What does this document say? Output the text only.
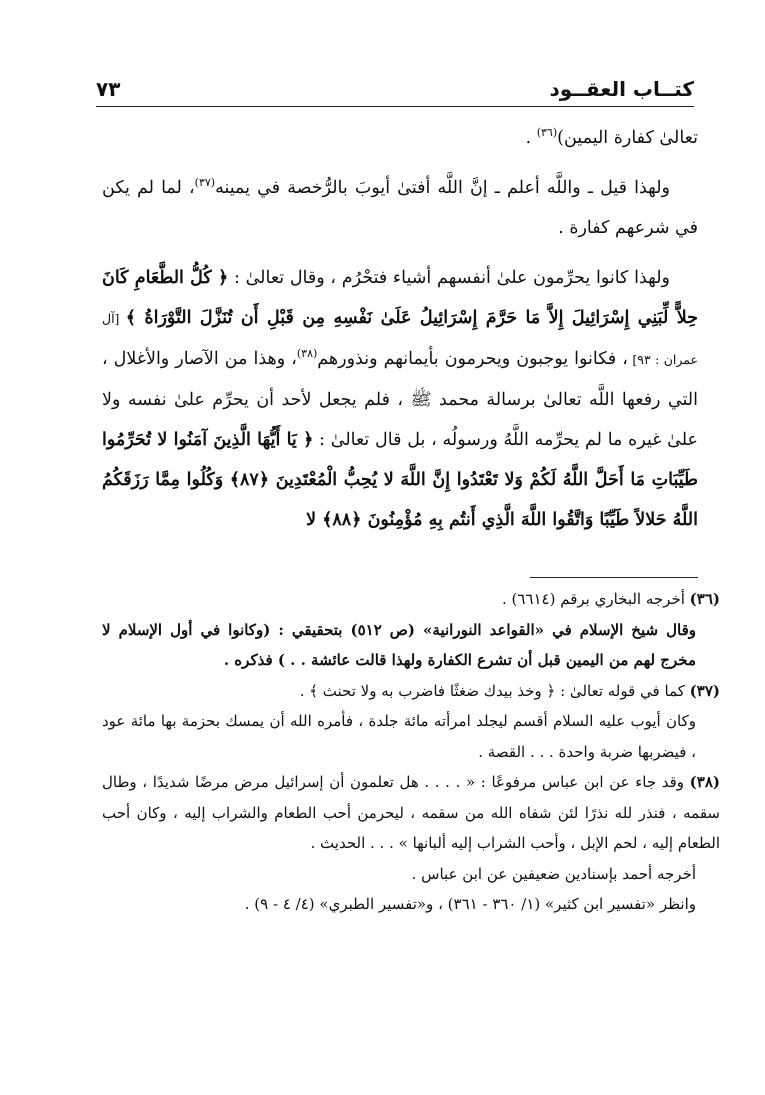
كتــاب العقــود
٧٣

تعالىٰ كفارة اليمين)$^{(٣٦)}$ .

ولهذا قيل ـ واللَّه أعلم ـ إنَّ اللَّه أفتىٰ أيوبَ بالرُّخصة في يمينه$^{(٣٧)}$، لما لم يكن في شرعهم كفارة .

ولهذا كانوا يحرِّمون علىٰ أنفسهم أشياء فتحْرُم ، وقال تعالىٰ : ﴿ كُلُّ الطَّعَامِ كَانَ حِلاًّ لِّبَنِي إِسْرَائِيلَ إِلاَّ مَا حَرَّمَ إِسْرَائِيلُ عَلَىٰ نَفْسِهِ مِن قَبْلِ أَن تُنَزَّلَ التَّوْرَاةُ ﴾ [آل عمران : ٩٣] ، فكانوا يوجبون ويحرمون بأيمانهم ونذورهم$^{(٣٨)}$، وهذا من الآصار والأغلال ، التي رفعها اللَّه تعالىٰ برسالة محمد ﷺ ، فلم يجعل لأحد أن يحرِّم علىٰ نفسه ولا علىٰ غيره ما لم يحرِّمه اللَّهُ ورسولُه ، بل قال تعالىٰ : ﴿ يَا أَيُّهَا الَّذِينَ آمَنُوا لا تُحَرِّمُوا طَيِّبَاتِ مَا أَحَلَّ اللَّهُ لَكُمْ وَلا تَعْتَدُوا إِنَّ اللَّهَ لا يُحِبُّ الْمُعْتَدِينَ ﴿٨٧﴾ وَكُلُوا مِمَّا رَزَقَكُمُ اللَّهُ حَلالاً طَيِّبًا وَاتَّقُوا اللَّهَ الَّذِي أَنتُم بِهِ مُؤْمِنُونَ ﴿٨٨﴾ لا

(٣٦) أخرجه البخاري برقم (٦٦١٤) .

وقال شيخ الإسلام في «القواعد النورانية» (ص ٥١٢) بتحقيقي : (وكانوا في أول الإسلام لا مخرج لهم من اليمين قبل أن تشرع الكفارة ولهذا قالت عائشة . . ) فذكره .

(٣٧) كما في قوله تعالىٰ : ﴿ وخذ بيدك ضغثًا فاضرب به ولا تحنث ﴾ .

وكان أيوب عليه السلام أقسم ليجلد امرأته مائة جلدة ، فأمره الله أن يمسك بحزمة بها مائة عود ، فيضربها ضربة واحدة . . . القصة .

(٣٨) وقد جاء عن ابن عباس مرفوعًا : « . . . . هل تعلمون أن إسرائيل مرض مرضًا شديدًا ، وطال سقمه ، فنذر لله نذرًا لئن شفاه الله من سقمه ، ليحرمن أحب الطعام والشراب إليه ، وكان أحب الطعام إليه ، لحم الإبل ، وأحب الشراب إليه ألبانها » . . . الحديث .

أخرجه أحمد بإسنادين ضعيفين عن ابن عباس .

وانظر «تفسير ابن كثير» (١/ ٣٦٠ - ٣٦١) ، و«تفسير الطبري» (٤/ ٤ - ٩) .
